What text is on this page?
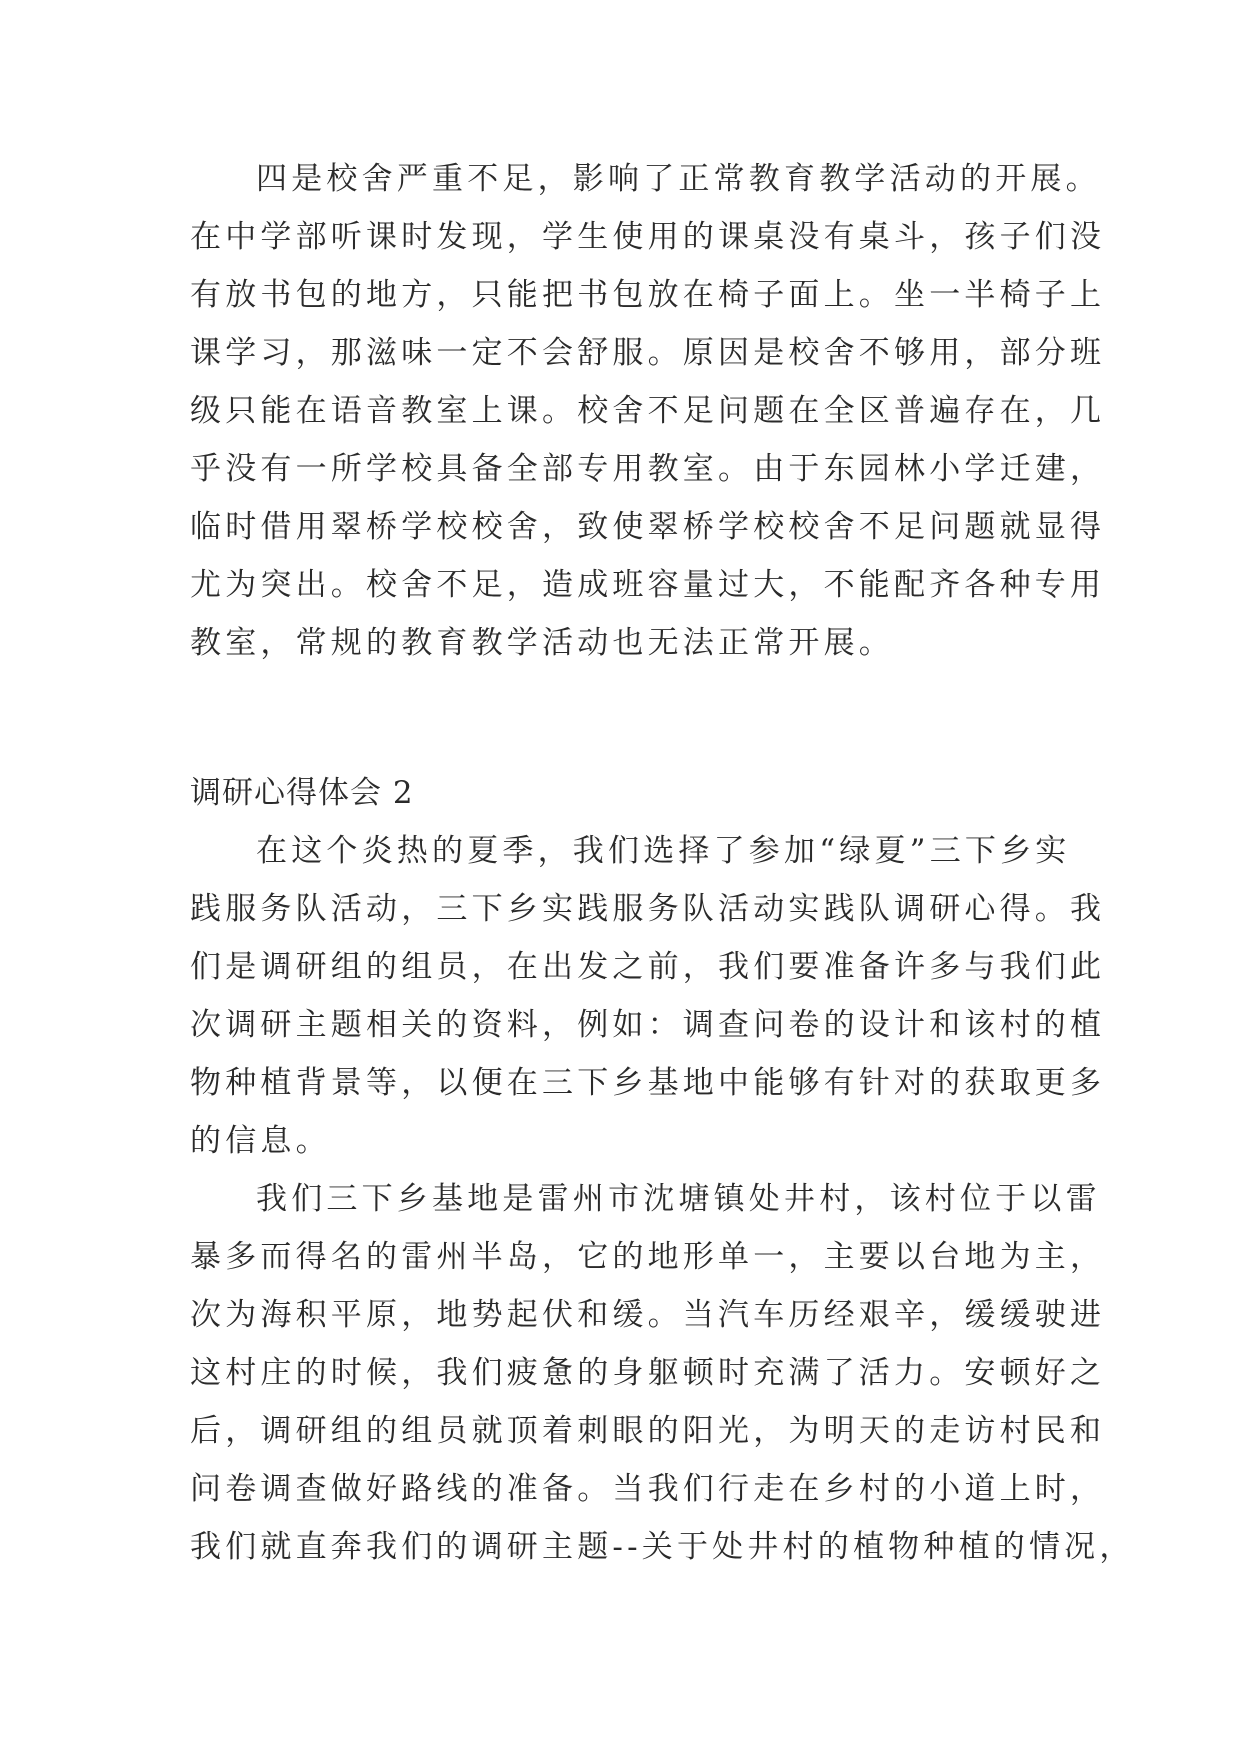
四是校舍严重不足，影响了正常教育教学活动的开展。
在中学部听课时发现，学生使用的课桌没有桌斗，孩子们没
有放书包的地方，只能把书包放在椅子面上。坐一半椅子上
课学习，那滋味一定不会舒服。原因是校舍不够用，部分班
级只能在语音教室上课。校舍不足问题在全区普遍存在，几
乎没有一所学校具备全部专用教室。由于东园林小学迁建，
临时借用翠桥学校校舍，致使翠桥学校校舍不足问题就显得
尤为突出。校舍不足，造成班容量过大，不能配齐各种专用
教室，常规的教育教学活动也无法正常开展。
调研心得体会 2
在这个炎热的夏季，我们选择了参加“绿夏”三下乡实
践服务队活动，三下乡实践服务队活动实践队调研心得。我
们是调研组的组员，在出发之前，我们要准备许多与我们此
次调研主题相关的资料，例如：调查问卷的设计和该村的植
物种植背景等，以便在三下乡基地中能够有针对的获取更多
的信息。
我们三下乡基地是雷州市沈塘镇处井村，该村位于以雷
暴多而得名的雷州半岛，它的地形单一，主要以台地为主，
次为海积平原，地势起伏和缓。当汽车历经艰辛，缓缓驶进
这村庄的时候，我们疲惫的身躯顿时充满了活力。安顿好之
后，调研组的组员就顶着刺眼的阳光，为明天的走访村民和
问卷调查做好路线的准备。当我们行走在乡村的小道上时，
我们就直奔我们的调研主题--关于处井村的植物种植的情况，
